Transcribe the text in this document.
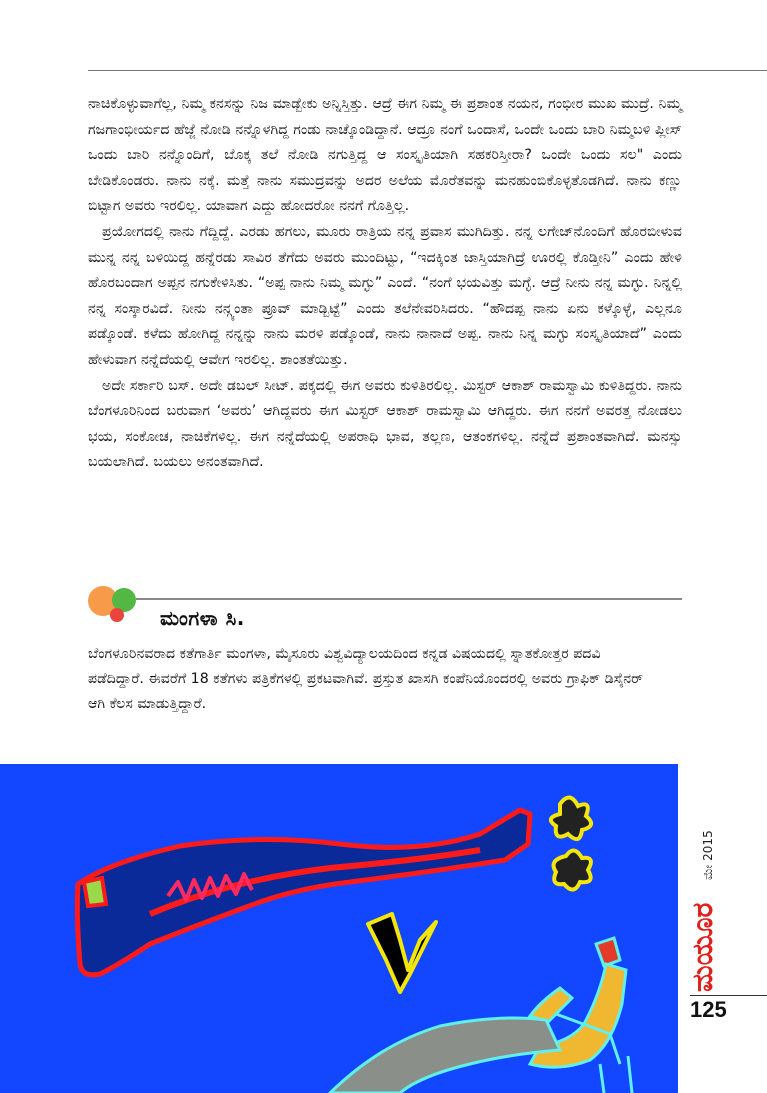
ನಾಚಿಕೊಳ್ಳುವಾಗೆಲ್ಲ, ನಿಮ್ಮ ಕನಸನ್ನು ನಿಜ ಮಾಡ್ಬೇಕು ಅನ್ನಿಸ್ತಿತ್ತು. ಆದ್ರೆ ಈಗ ನಿಮ್ಮ ಈ ಪ್ರಶಾಂತ ನಯನ, ಗಂಭೀರ ಮುಖ ಮುದ್ರೆ. ನಿಮ್ಮ ಗಜಗಾಂಭೀರ್ಯದ ಹೆಜ್ಜೆ ನೋಡಿ ನನ್ನೊಳಗಿದ್ದ ಗಂಡು ನಾಚ್ಕೊಂಡಿದ್ದಾನೆ. ಆದ್ರೂ ನಂಗೆ ಒಂದಾಸೆ, ಒಂದೇ ಒಂದು ಬಾರಿ ನಿಮ್ಮಬಳಿ ಪ್ಲೀಸ್ ಒಂದು ಬಾರಿ ನನ್ನೊಂದಿಗೆ, ಬೊಕ್ಕ ತಲೆ ನೋಡಿ ನಗುತ್ತಿದ್ದ ಆ ಸಂಸ್ಕೃತಿಯಾಗಿ ಸಹಕರಿಸ್ತೀರಾ? ಒಂದೇ ಒಂದು ಸಲ" ಎಂದು ಬೇಡಿಕೊಂಡರು. ನಾನು ನಕ್ಕೆ. ಮತ್ತೆ ನಾನು ಸಮುದ್ರವನ್ನು ಅದರ ಅಲೆಯ ಮೊರೆತವನ್ನು ಮನಹುಂಬಿಕೊಳ್ಳತೊಡಗಿದೆ. ನಾನು ಕಣ್ಣು ಬಿಟ್ಟಾಗ ಅವರು ಇರಲಿಲ್ಲ. ಯಾವಾಗ ಎದ್ದು ಹೋದರೋ ನನಗೆ ಗೊತ್ತಿಲ್ಲ.

ಪ್ರಯೋಗದಲ್ಲಿ ನಾನು ಗೆದ್ದಿದ್ದೆ. ಎರಡು ಹಗಲು, ಮೂರು ರಾತ್ರಿಯ ನನ್ನ ಪ್ರವಾಸ ಮುಗಿದಿತ್ತು. ನನ್ನ ಲಗೇಜ್‌ನೊಂದಿಗೆ ಹೊರಬೀಳುವ ಮುನ್ನ ನನ್ನ ಬಳಿಯಿದ್ದ ಹನ್ನೆರಡು ಸಾವಿರ ತೆಗೆದು ಅವರು ಮುಂದಿಟ್ಟು, “ಇದಕ್ಕಿಂತ ಜಾಸ್ತಿಯಾಗಿದ್ರೆ ಊರಲ್ಲಿ ಕೊಡ್ತೀನಿ” ಎಂದು ಹೇಳಿ ಹೊರಬಂದಾಗ ಅಪ್ಪನ ನಗುಕೇಳಿಸಿತು. “ಅಪ್ಪ ನಾನು ನಿಮ್ಮ ಮಗ್ಳು” ಎಂದೆ. “ನಂಗೆ ಭಯವಿತ್ತು ಮಗ್ಳೆ. ಆದ್ರೆ ನೀನು ನನ್ನ ಮಗ್ಳು. ನಿನ್ನಲ್ಲಿ ನನ್ನ ಸಂಸ್ಕಾರವಿದೆ. ನೀನು ನನ್ಗ್ಯಂತಾ ಪ್ರೂವ್ ಮಾಡ್ಬಿಟ್ಟೆ” ಎಂದು ತಲೆನೇವರಿಸಿದರು. “ಹೌದಪ್ಪ ನಾನು ಏನು ಕಳ್ಕೊಳ್ಳೆ, ಎಲ್ಲನೂ ಪಡ್ಕೊಂಡೆ. ಕಳೆದು ಹೋಗಿದ್ದ ನನ್ನನ್ನು ನಾನು ಮರಳಿ ಪಡ್ಕೊಂಡೆ, ನಾನು ನಾನಾದೆ ಅಪ್ಪ. ನಾನು ನಿನ್ನ ಮಗ್ಳು ಸಂಸ್ಕೃತಿಯಾದೆ” ಎಂದು ಹೇಳುವಾಗ ನನ್ನೆದೆಯಲ್ಲಿ ಆವೇಗ ಇರಲಿಲ್ಲ. ಶಾಂತತೆಯಿತ್ತು.

ಅದೇ ಸರ್ಕಾರಿ ಬಸ್. ಅದೇ ಡಬಲ್ ಸೀಟ್. ಪಕ್ಕದಲ್ಲಿ ಈಗ ಅವರು ಕುಳಿತಿರಲಿಲ್ಲ. ಮಿಸ್ಟರ್ ಆಕಾಶ್ ರಾಮಸ್ವಾಮಿ ಕುಳಿತಿದ್ದರು. ನಾನು ಬೆಂಗಳೂರಿನಿಂದ ಬರುವಾಗ ‘ಅವರು’ ಆಗಿದ್ದವರು ಈಗ ಮಿಸ್ಟರ್ ಆಕಾಶ್ ರಾಮಸ್ವಾಮಿ ಆಗಿದ್ದರು. ಈಗ ನನಗೆ ಅವರತ್ತ ನೋಡಲು ಭಯ, ಸಂಕೋಚ, ನಾಚಿಕೆಗಳಿಲ್ಲ. ಈಗ ನನ್ನೆದೆಯಲ್ಲಿ ಅಪರಾಧಿ ಭಾವ, ತಲ್ಲಣ, ಆತಂಕಗಳಿಲ್ಲ. ನನ್ನೆದೆ ಪ್ರಶಾಂತವಾಗಿದೆ. ಮನಸ್ಸು ಬಯಲಾಗಿದೆ. ಬಯಲು ಅನಂತವಾಗಿದೆ.

ಮಂಗಳಾ ಸಿ.

ಬೆಂಗಳೂರಿನವರಾದ ಕತೆಗಾರ್ತಿ ಮಂಗಳಾ, ಮೈಸೂರು ವಿಶ್ವವಿದ್ಯಾಲಯದಿಂದ ಕನ್ನಡ ವಿಷಯದಲ್ಲಿ ಸ್ನಾತಕೋತ್ತರ ಪದವಿ ಪಡೆದಿದ್ದಾರೆ. ಈವರೆಗೆ 18 ಕತೆಗಳು ಪತ್ರಿಕೆಗಳಲ್ಲಿ ಪ್ರಕಟವಾಗಿವೆ. ಪ್ರಸ್ತುತ ಖಾಸಗಿ ಕಂಪೆನಿಯೊಂದರಲ್ಲಿ ಅವರು ಗ್ರಾಫಿಕ್ ಡಿಸೈನರ್ ಆಗಿ ಕೆಲಸ ಮಾಡುತ್ತಿದ್ದಾರೆ.

ಮಯೂರ
ಮೇ 2015
125
